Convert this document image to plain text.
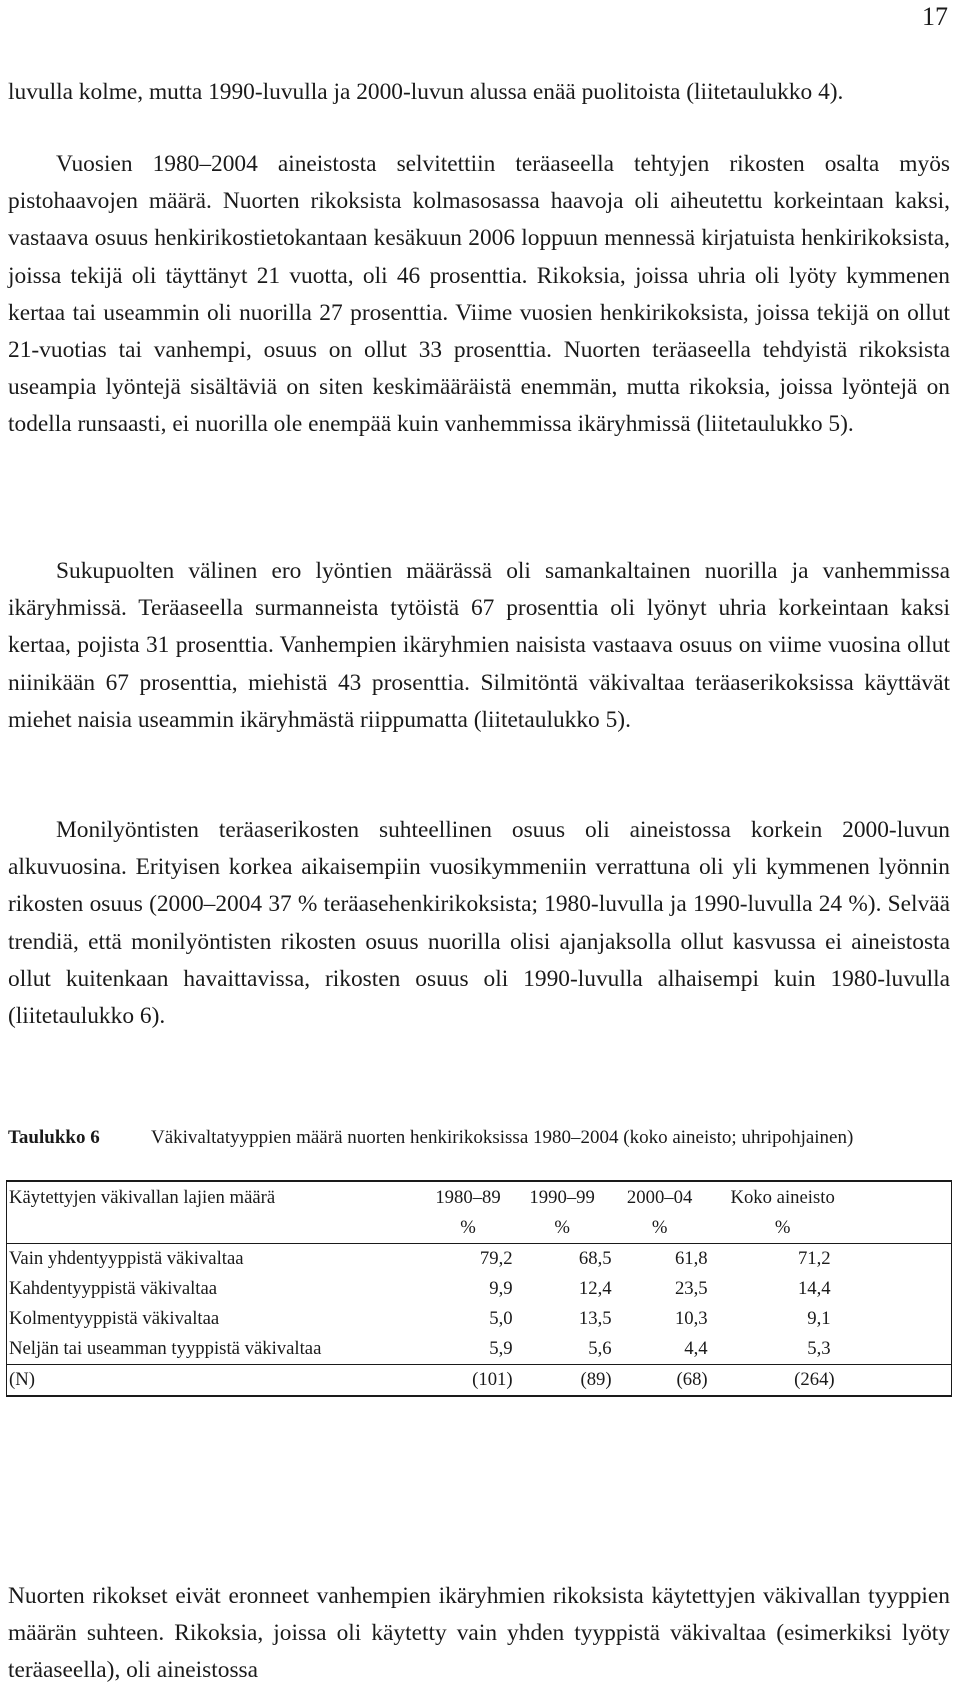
17

luvulla kolme, mutta 1990-luvulla ja 2000-luvun alussa enää puolitoista (liitetaulukko 4).

Vuosien 1980–2004 aineistosta selvitettiin teräaseella tehtyjen rikosten osalta myös pistohaavojen määrä. Nuorten rikoksista kolmasosassa haavoja oli aiheutettu korkeintaan kaksi, vastaava osuus henkirikostietokantaan kesäkuun 2006 loppuun mennessä kirjatuista henkirikoksista, joissa tekijä oli täyttänyt 21 vuotta, oli 46 prosenttia. Rikoksia, joissa uhria oli lyöty kymmenen kertaa tai useammin oli nuorilla 27 prosenttia. Viime vuosien henkirikoksista, joissa tekijä on ollut 21-vuotias tai vanhempi, osuus on ollut 33 prosenttia. Nuorten teräaseella tehdyistä rikoksista useampia lyöntejä sisältäviä on siten keskimääräistä enemmän, mutta rikoksia, joissa lyöntejä on todella runsaasti, ei nuorilla ole enempää kuin vanhemmissa ikäryhmissä (liitetaulukko 5).

Sukupuolten välinen ero lyöntien määrässä oli samankaltainen nuorilla ja vanhemmissa ikäryhmissä. Teräaseella surmanneista tytöistä 67 prosenttia oli lyönyt uhria korkeintaan kaksi kertaa, pojista 31 prosenttia. Vanhempien ikäryhmien naisista vastaava osuus on viime vuosina ollut niinikään 67 prosenttia, miehistä 43 prosenttia. Silmitöntä väkivaltaa teräaserikoksissa käyttävät miehet naisia useammin ikäryhmästä riippumatta (liitetaulukko 5).

Monilyöntisten teräaserikosten suhteellinen osuus oli aineistossa korkein 2000-luvun alkuvuosina. Erityisen korkea aikaisempiin vuosikymmeniin verrattuna oli yli kymmenen lyönnin rikosten osuus (2000–2004 37 % teräasehenkirikoksista; 1980-luvulla ja 1990-luvulla 24 %). Selvää trendiä, että monilyöntisten rikosten osuus nuorilla olisi ajanjaksolla ollut kasvussa ei aineistosta ollut kuitenkaan havaittavissa, rikosten osuus oli 1990-luvulla alhaisempi kuin 1980-luvulla (liitetaulukko 6).

Taulukko 6	Väkivaltatyyppien määrä nuorten henkirikoksissa 1980–2004 (koko aineisto; uhripohjainen)
Käytettyjen väkivallan lajien määrä	1980–89	1990–99	2000–04	Koko aineisto

	%	%	%	%

Vain yhdentyyppistä väkivaltaa	79,2	68,5	61,8	71,2

Kahdentyyppistä väkivaltaa	9,9	12,4	23,5	14,4

Kolmentyyppistä väkivaltaa	5,0	13,5	10,3	9,1

Neljän tai useamman tyyppistä väkivaltaa	5,9	5,6	4,4	5,3

(N)	(101)	(89)	(68)	(264)

Nuorten rikokset eivät eronneet vanhempien ikäryhmien rikoksista käytettyjen väkivallan tyyppien määrän suhteen. Rikoksia, joissa oli käytetty vain yhden tyyppistä väkivaltaa (esimerkiksi lyöty teräaseella), oli aineistossa
